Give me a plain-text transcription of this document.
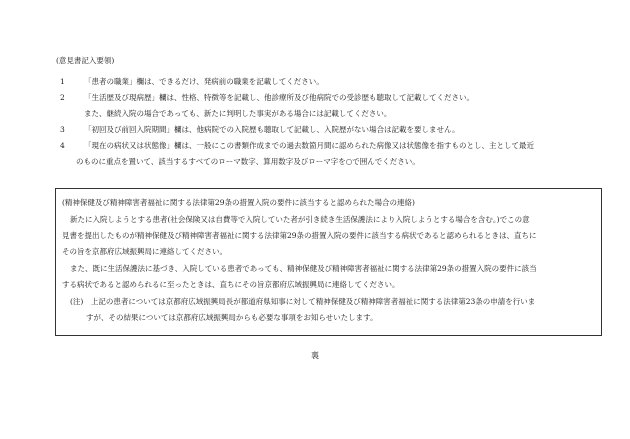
(意見書記入要領)
1	「患者の職業」欄は、できるだけ、発病前の職業を記載してください。
2	「生活歴及び現病歴」欄は、性格、特徴等を記載し、他診療所及び他病院での受診歴も聴取して記載してください。
また、継続入院の場合であっても、新たに判明した事実がある場合には記載してください。
3	「初回及び前回入院期間」欄は、他病院での入院歴も聴取して記載し、入院歴がない場合は記載を要しません。
4	「現在の病状又は状態像」欄は、一般にこの書類作成までの過去数箇月間に認められた病像又は状態像を指すものとし、主として最近
のものに重点を置いて、該当するすべてのローマ数字、算用数字及びローマ字を○で囲んでください。
(精神保健及び精神障害者福祉に関する法律第29条の措置入院の要件に該当すると認められた場合の連絡)
新たに入院しようとする患者(社会保険又は自費等で入院していた者が引き続き生活保護法により入院しようとする場合を含む。)でこの意
見書を提出したものが精神保健及び精神障害者福祉に関する法律第29条の措置入院の要件に該当する病状であると認められるときは、直ちに
その旨を京都府広域振興局に連絡してください。
また、既に生活保護法に基づき、入院している患者であっても、精神保健及び精神障害者福祉に関する法律第29条の措置入院の要件に該当
する病状であると認められるに至ったときは、直ちにその旨京都府広域振興局に連絡してください。
(注)　上記の患者については京都府広域振興局長が都道府県知事に対して精神保健及び精神障害者福祉に関する法律第23条の申請を行いま
すが、その結果については京都府広域振興局からも必要な事項をお知らせいたします。
裏
